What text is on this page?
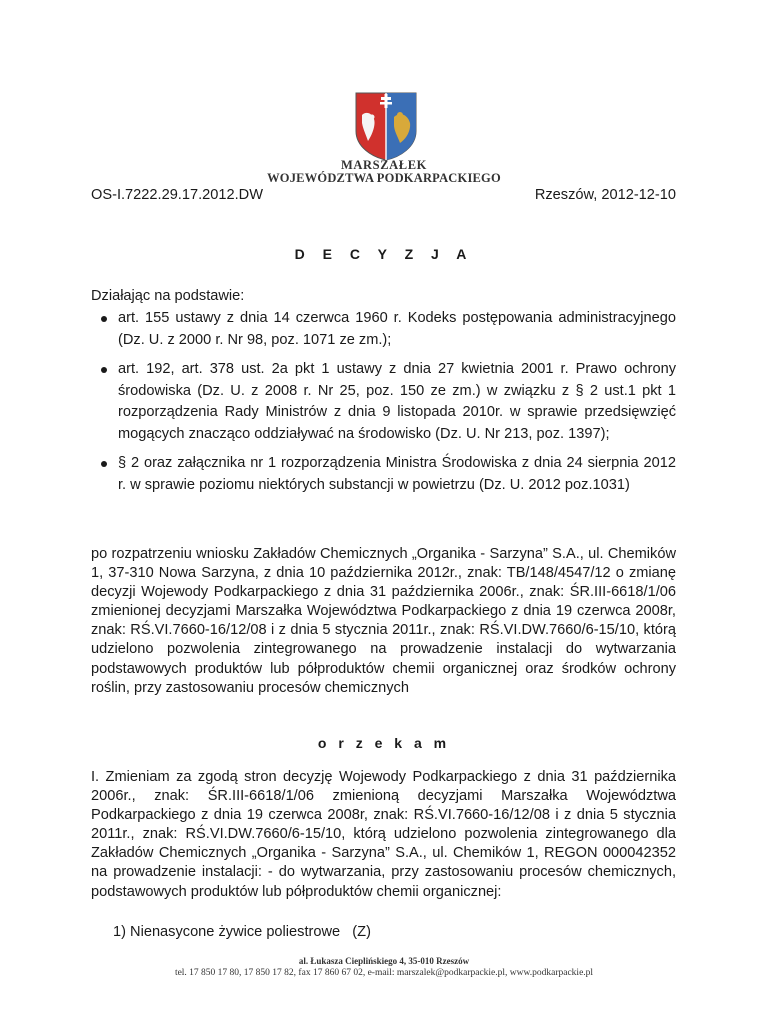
MARSZAŁEK
WOJEWÓDZTWA PODKARPACKIEGO
OS-I.7222.29.17.2012.DW	Rzeszów, 2012-12-10
D E C Y Z J A
Działając na podstawie:
art. 155 ustawy z dnia 14 czerwca 1960 r. Kodeks postępowania administracyjnego (Dz. U. z 2000 r. Nr 98, poz. 1071 ze zm.);
art. 192, art. 378 ust. 2a pkt 1 ustawy z dnia 27 kwietnia 2001 r. Prawo ochrony środowiska (Dz. U. z 2008 r. Nr 25, poz. 150 ze zm.) w związku z § 2 ust.1 pkt 1 rozporządzenia Rady Ministrów z dnia 9 listopada 2010r. w sprawie przedsięwzięć mogących znacząco oddziaływać na środowisko (Dz. U. Nr 213, poz. 1397);
§ 2 oraz załącznika nr 1 rozporządzenia Ministra Środowiska z dnia 24 sierpnia 2012 r. w sprawie poziomu niektórych substancji w powietrzu (Dz. U. 2012 poz.1031)
po rozpatrzeniu wniosku Zakładów Chemicznych „Organika - Sarzyna” S.A., ul. Chemików 1, 37-310 Nowa Sarzyna, z dnia 10 października 2012r., znak: TB/148/4547/12 o zmianę decyzji Wojewody Podkarpackiego z dnia 31 października 2006r., znak: ŚR.III-6618/1/06 zmienionej decyzjami Marszałka Województwa Podkarpackiego z dnia 19 czerwca 2008r, znak: RŚ.VI.7660-16/12/08 i z dnia 5 stycznia 2011r., znak: RŚ.VI.DW.7660/6-15/10, którą udzielono pozwolenia zintegrowanego na prowadzenie instalacji do wytwarzania podstawowych produktów lub półproduktów chemii organicznej oraz środków ochrony roślin, przy zastosowaniu procesów chemicznych
o r z e k a m
I. Zmieniam za zgodą stron decyzję Wojewody Podkarpackiego z dnia 31 października 2006r., znak: ŚR.III-6618/1/06 zmienioną decyzjami Marszałka Województwa Podkarpackiego z dnia 19 czerwca 2008r, znak: RŚ.VI.7660-16/12/08 i z dnia 5 stycznia 2011r., znak: RŚ.VI.DW.7660/6-15/10, którą udzielono pozwolenia zintegrowanego dla Zakładów Chemicznych „Organika - Sarzyna” S.A., ul. Chemików 1, REGON 000042352 na prowadzenie instalacji: - do wytwarzania, przy zastosowaniu procesów chemicznych, podstawowych produktów lub półproduktów chemii organicznej:
1) Nienasycone żywice poliestrowe   (Z)
al. Łukasza Cieplińskiego 4, 35-010 Rzeszów
tel. 17 850 17 80, 17 850 17 82, fax 17 860 67 02, e-mail: marszalek@podkarpackie.pl, www.podkarpackie.pl
